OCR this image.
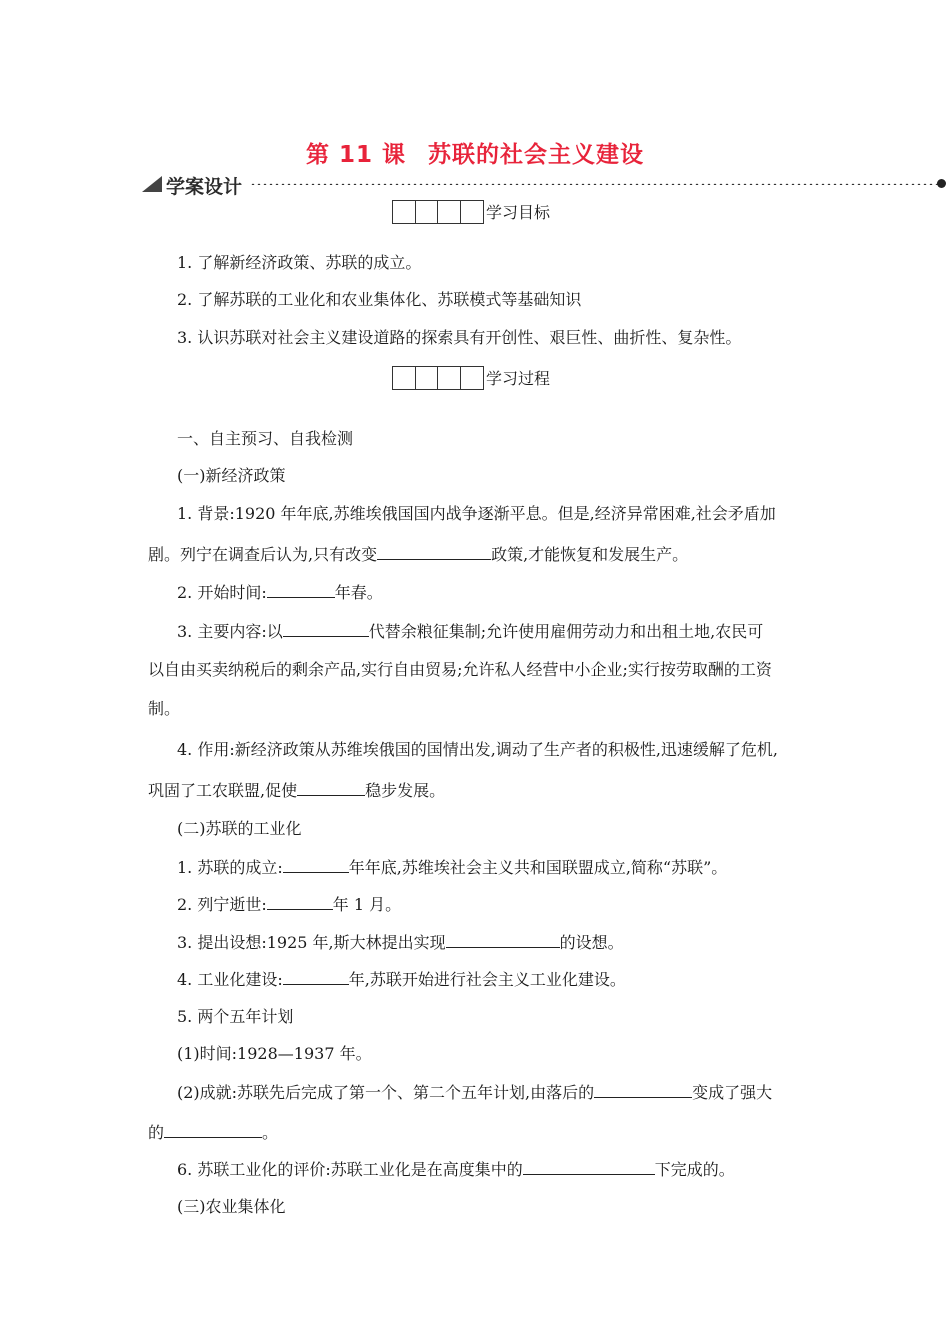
第 11 课 苏联的社会主义建设
学案设计
学习目标
1. 了解新经济政策、苏联的成立。
2. 了解苏联的工业化和农业集体化、苏联模式等基础知识
3. 认识苏联对社会主义建设道路的探索具有开创性、艰巨性、曲折性、复杂性。
学习过程
一、自主预习、自我检测
(一)新经济政策
1. 背景:1920 年年底,苏维埃俄国国内战争逐渐平息。但是,经济异常困难,社会矛盾加
剧。列宁在调查后认为,只有改变	政策,才能恢复和发展生产。
2. 开始时间:	年春。
3. 主要内容:以	代替余粮征集制;允许使用雇佣劳动力和出租土地,农民可
以自由买卖纳税后的剩余产品,实行自由贸易;允许私人经营中小企业;实行按劳取酬的工资
制。
4. 作用:新经济政策从苏维埃俄国的国情出发,调动了生产者的积极性,迅速缓解了危机,
巩固了工农联盟,促使	稳步发展。
(二)苏联的工业化
1. 苏联的成立:	年年底,苏维埃社会主义共和国联盟成立,简称“苏联”。
2. 列宁逝世:	年 1 月。
3. 提出设想:1925 年,斯大林提出实现	的设想。
4. 工业化建设:	年,苏联开始进行社会主义工业化建设。
5. 两个五年计划
(1)时间:1928—1937 年。
(2)成就:苏联先后完成了第一个、第二个五年计划,由落后的	变成了强大
的	。
6. 苏联工业化的评价:苏联工业化是在高度集中的	下完成的。
(三)农业集体化
